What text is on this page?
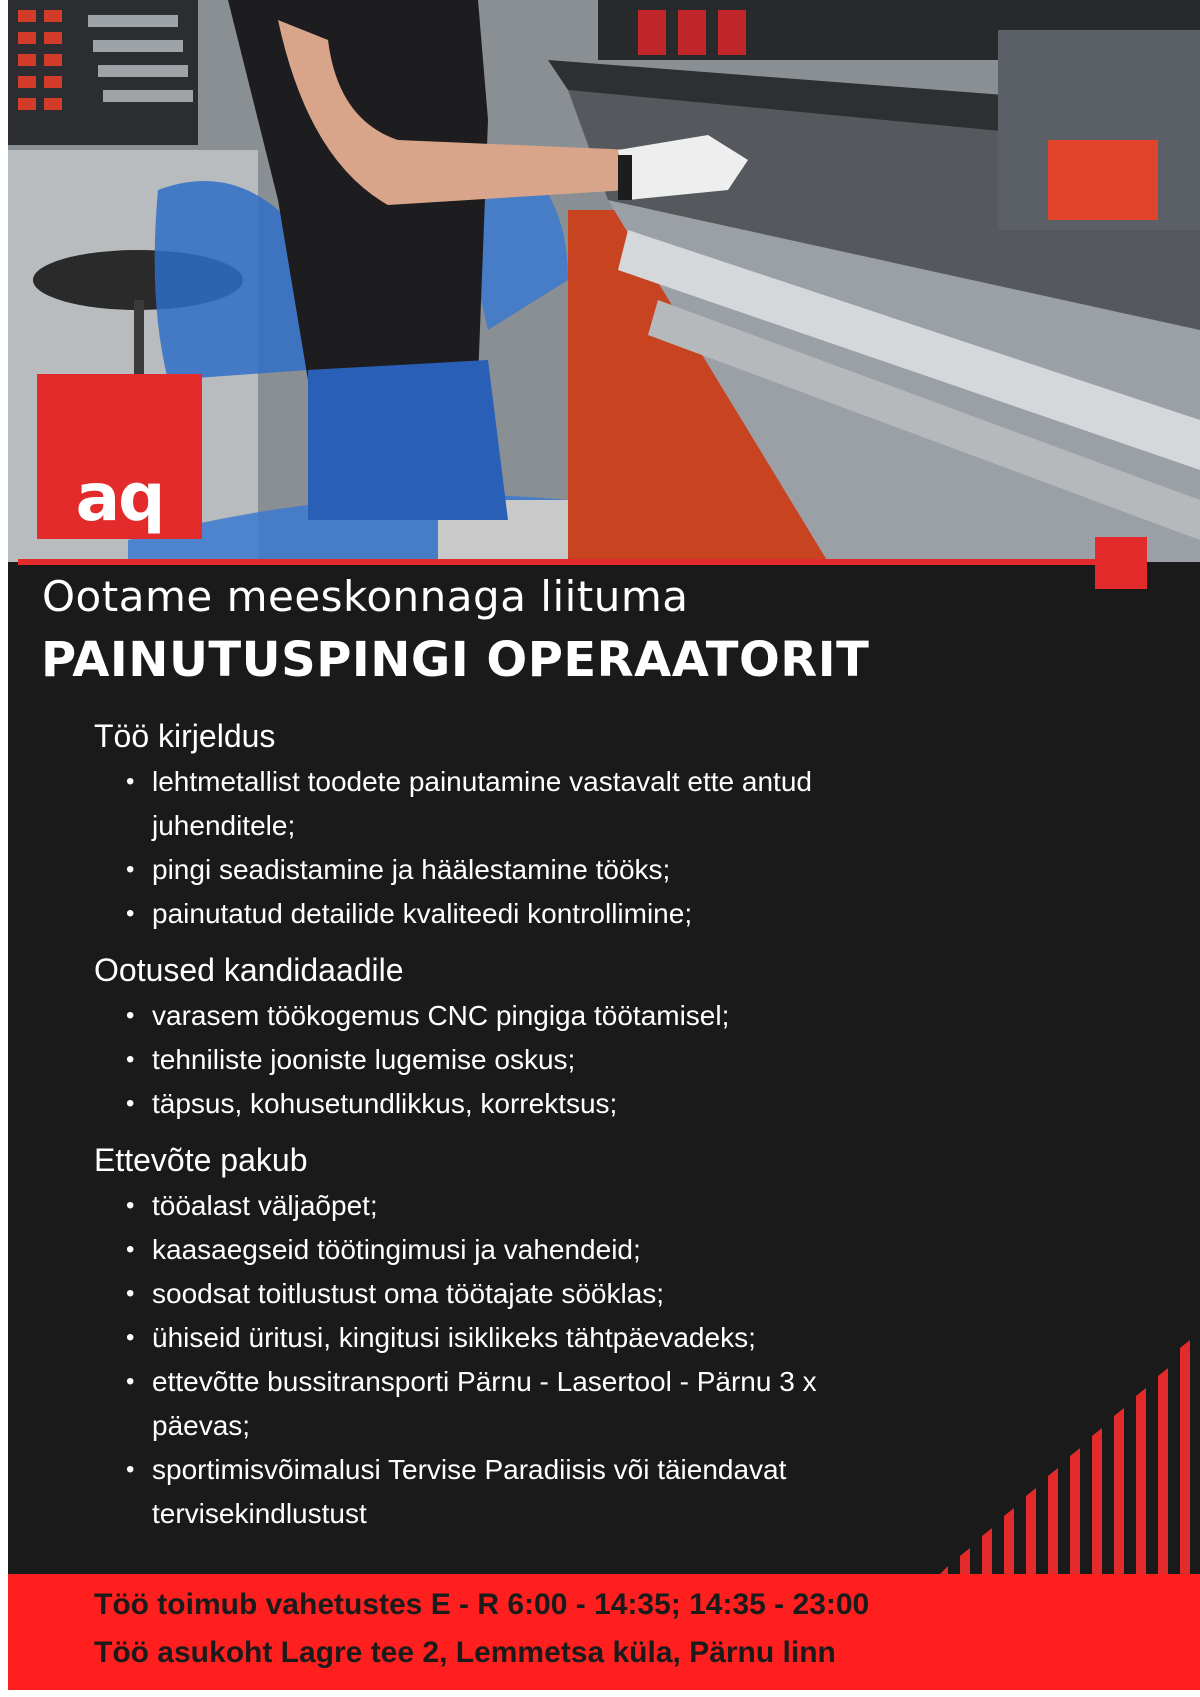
aq
Ootame meeskonnaga liituma
PAINUTUSPINGI OPERAATORIT
Töö kirjeldus
• lehtmetallist toodete painutamine vastavalt ette antud juhenditele;
• pingi seadistamine ja häälestamine tööks;
• painutatud detailide kvaliteedi kontrollimine;
Ootused kandidaadile
• varasem töökogemus CNC pingiga töötamisel;
• tehniliste jooniste lugemise oskus;
• täpsus, kohusetundlikkus, korrektsus;
Ettevõte pakub
• tööalast väljaõpet;
• kaasaegseid töötingimusi ja vahendeid;
• soodsat toitlustust oma töötajate sööklas;
• ühiseid üritusi, kingitusi isiklikeks tähtpäevadeks;
• ettevõtte bussitransporti Pärnu - Lasertool - Pärnu 3 x päevas;
• sportimisvõimalusi Tervise Paradiisis või täiendavat tervisekindlustust
Töö toimub vahetustes E - R 6:00 - 14:35; 14:35 - 23:00
Töö asukoht Lagre tee 2, Lemmetsa küla, Pärnu linn
